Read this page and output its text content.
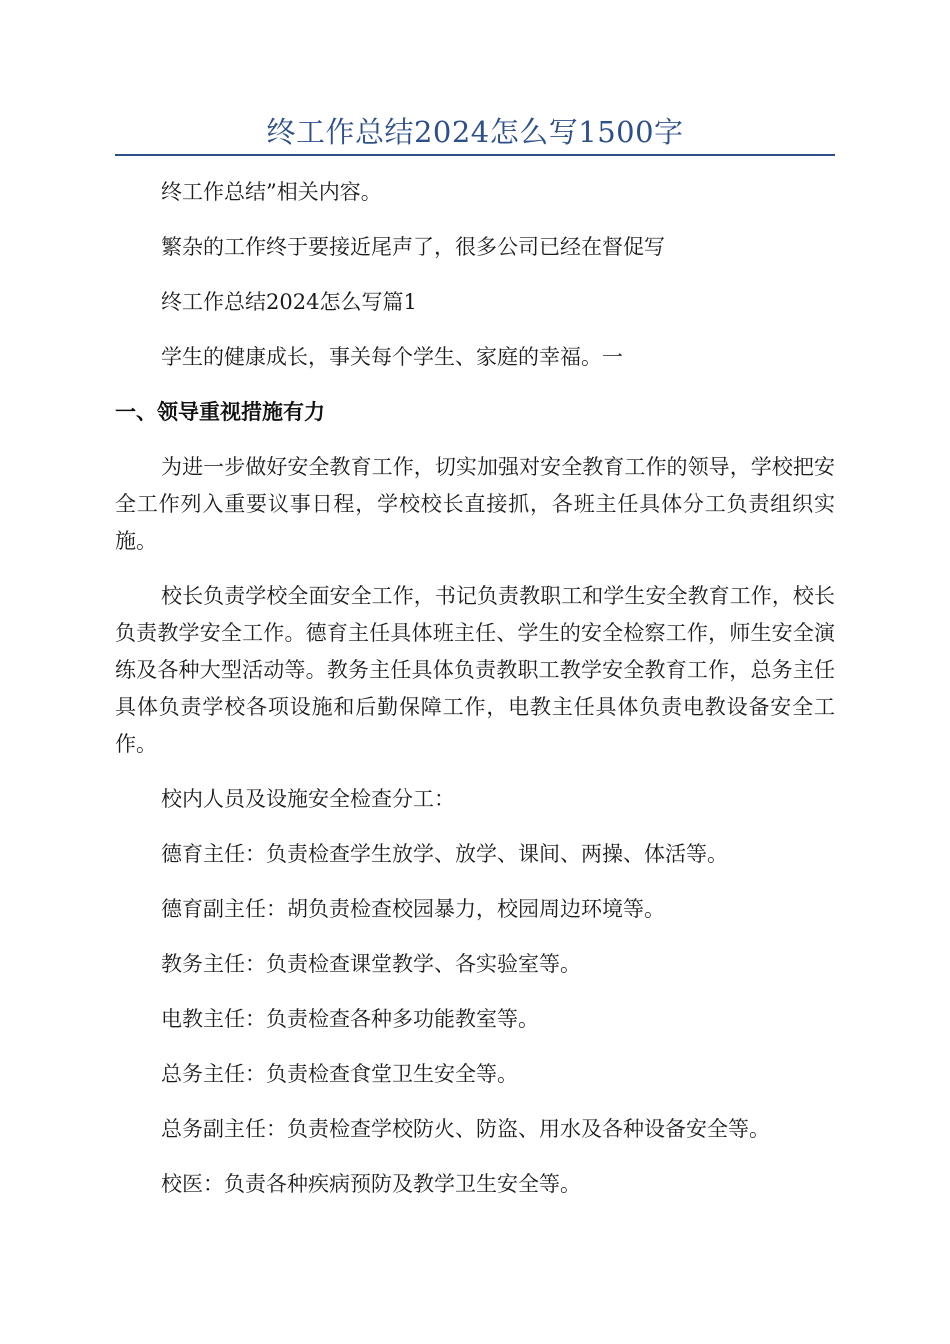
终工作总结2024怎么写1500字

终工作总结”相关内容。

繁杂的工作终于要接近尾声了，很多公司已经在督促写

终工作总结2024怎么写篇1

学生的健康成长，事关每个学生、家庭的幸福。一

一、领导重视措施有力

为进一步做好安全教育工作，切实加强对安全教育工作的领导，学校把安全工作列入重要议事日程，学校校长直接抓，各班主任具体分工负责组织实施。

校长负责学校全面安全工作，书记负责教职工和学生安全教育工作，校长负责教学安全工作。德育主任具体班主任、学生的安全检察工作，师生安全演练及各种大型活动等。教务主任具体负责教职工教学安全教育工作，总务主任具体负责学校各项设施和后勤保障工作，电教主任具体负责电教设备安全工作。

校内人员及设施安全检查分工：

德育主任：负责检查学生放学、放学、课间、两操、体活等。

德育副主任：胡负责检查校园暴力，校园周边环境等。

教务主任：负责检查课堂教学、各实验室等。

电教主任：负责检查各种多功能教室等。

总务主任：负责检查食堂卫生安全等。

总务副主任：负责检查学校防火、防盗、用水及各种设备安全等。

校医：负责各种疾病预防及教学卫生安全等。
